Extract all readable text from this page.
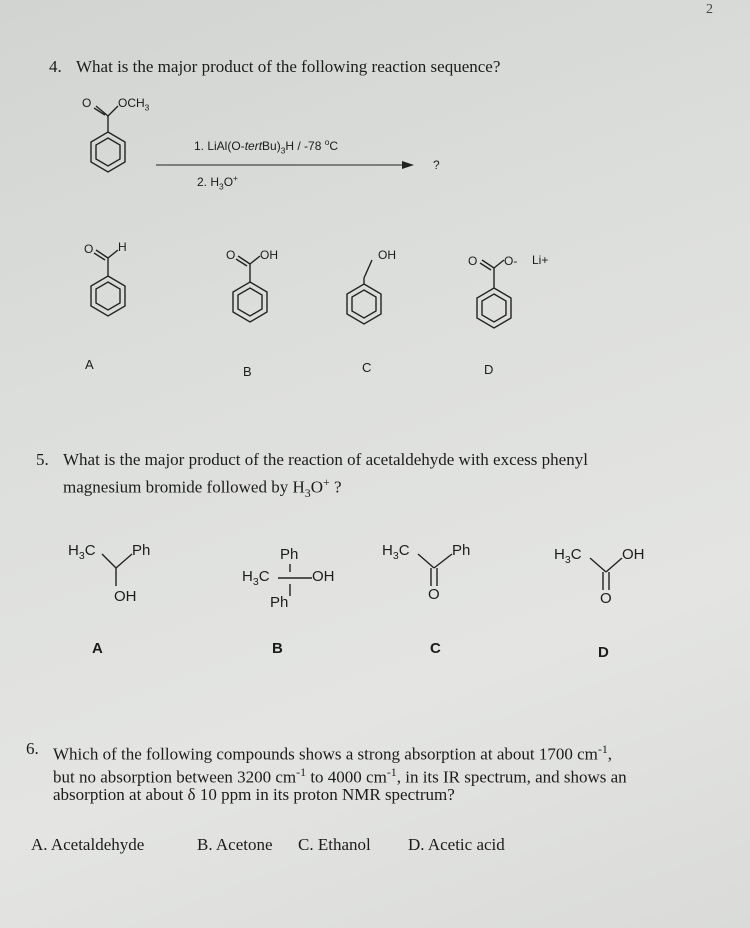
2
4. What is the major product of the following reaction sequence?
O $OCH_3$
1. $LiAl(O-tertBu)_3H / -78$ $^o$C
2. $H_3O^+$
?
O H
A
O OH
B
OH
C
O O- Li+
D
5. What is the major product of the reaction of acetaldehyde with excess phenyl
magnesium bromide followed by $H_3O^+$ ?
$H_3C$ Ph
OH
A
Ph
$H_3C$	OH
Ph
B
$H_3C$	Ph
O
C
$H_3C$	OH
O
D
6. Which of the following compounds shows a strong absorption at about 1700 $cm^{-1}$,
but no absorption between 3200 $cm^{-1}$ to 4000 $cm^{-1}$, in its IR spectrum, and shows an
absorption at about δ 10 ppm in its proton NMR spectrum?
A. Acetaldehyde	B. Acetone C. Ethanol D. Acetic acid
